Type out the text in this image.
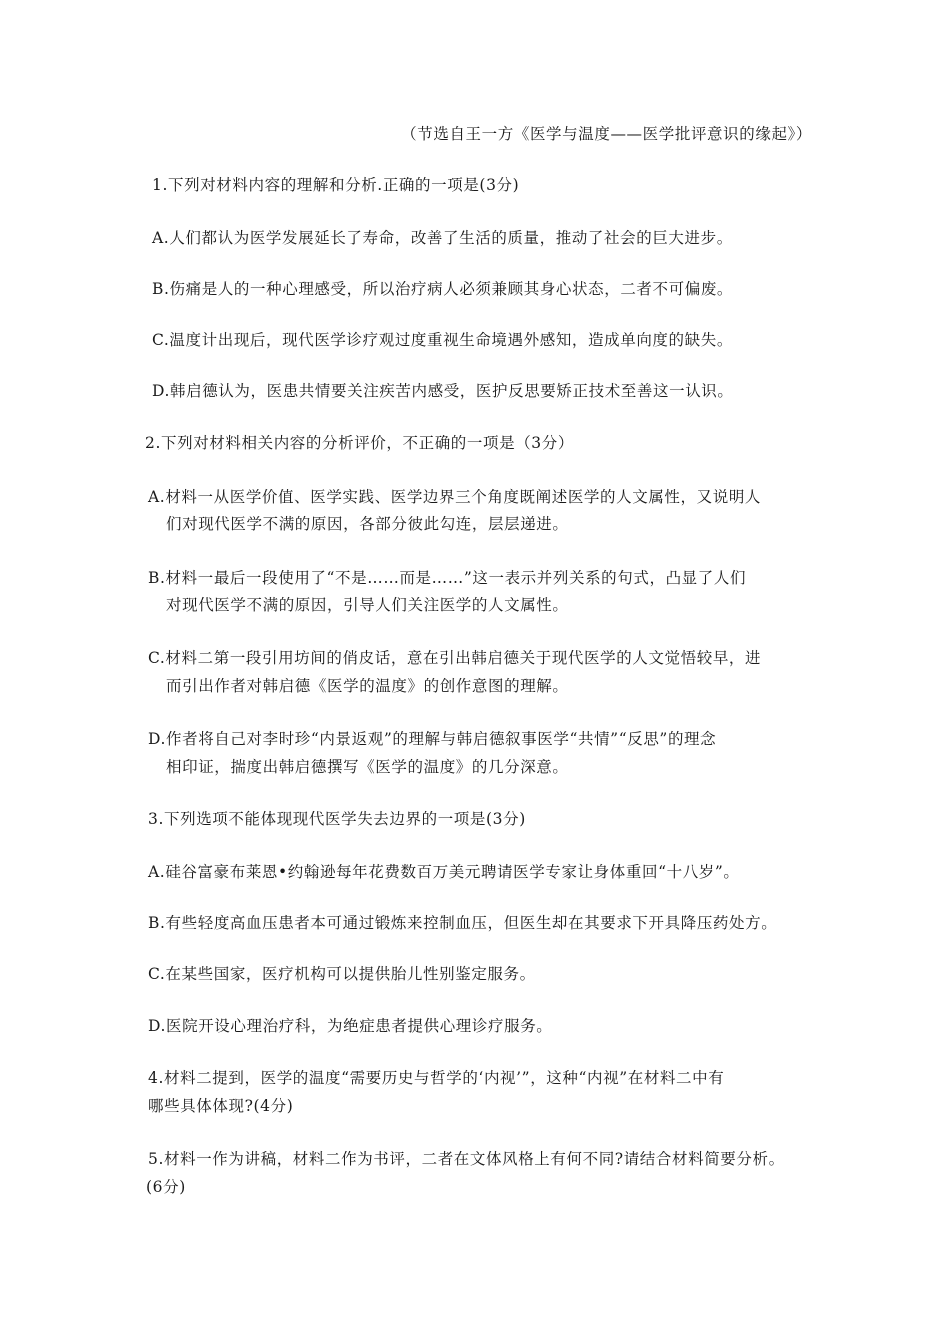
（节选自王一方《医学与温度——医学批评意识的缘起》）
1.下列对材料内容的理解和分析.正确的一项是(3分)
A.人们都认为医学发展延长了寿命，改善了生活的质量，推动了社会的巨大进步。
B.伤痛是人的一种心理感受，所以治疗病人必须兼顾其身心状态，二者不可偏废。
C.温度计出现后，现代医学诊疗观过度重视生命境遇外感知，造成单向度的缺失。
D.韩启德认为，医患共情要关注疾苦内感受，医护反思要矫正技术至善这一认识。
2.下列对材料相关内容的分析评价，不正确的一项是（3分）
A.材料一从医学价值、医学实践、医学边界三个角度既阐述医学的人文属性，又说明人
们对现代医学不满的原因，各部分彼此勾连，层层递进。
B.材料一最后一段使用了“不是……而是……”这一表示并列关系的句式，凸显了人们
对现代医学不满的原因，引导人们关注医学的人文属性。
C.材料二第一段引用坊间的俏皮话，意在引出韩启德关于现代医学的人文觉悟较早，进
而引出作者对韩启德《医学的温度》的创作意图的理解。
D.作者将自己对李时珍“内景返观”的理解与韩启德叙事医学“共情”“反思”的理念
相印证，揣度出韩启德撰写《医学的温度》的几分深意。
3.下列选项不能体现现代医学失去边界的一项是(3分)
A.硅谷富豪布莱恩•约翰逊每年花费数百万美元聘请医学专家让身体重回“十八岁”。
B.有些轻度高血压患者本可通过锻炼来控制血压，但医生却在其要求下开具降压药处方。
C.在某些国家，医疗机构可以提供胎儿性别鉴定服务。
D.医院开设心理治疗科，为绝症患者提供心理诊疗服务。
4.材料二提到，医学的温度“需要历史与哲学的‘内视’”，这种“内视”在材料二中有
哪些具体体现?(4分)
5.材料一作为讲稿，材料二作为书评，二者在文体风格上有何不同?请结合材料简要分析。
(6分)
